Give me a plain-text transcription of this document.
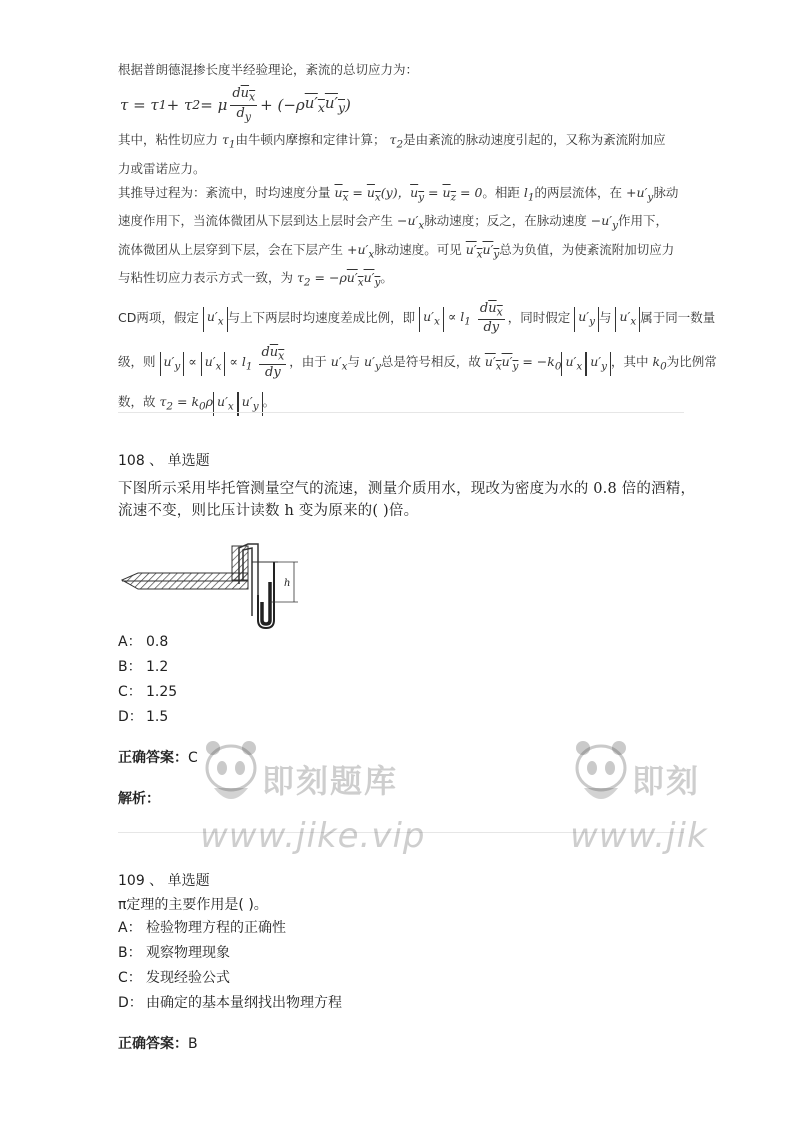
根据普朗德混掺长度半经验理论，紊流的总切应力为：
τ = τ 1 + τ 2 = μ $\frac{du_x}{d_y} + (-\rho$ $u'_xu'_y$ )
其中，粘性切应力 $\tau_1$由牛顿内摩擦和定律计算； $\tau_2$是由紊流的脉动速度引起的，又称为紊流附加应
力或雷诺应力。
其推导过程为：紊流中，时均速度分量 $u_x = u_x(y)$，$u_y = u_z = 0$。相距 $l_1$的两层流体，在 $+u'_y$脉动
速度作用下，当流体微团从下层到达上层时会产生 $-u'_x$脉动速度；反之，在脉动速度 $-u'_y$作用下，
流体微团从上层穿到下层，会在下层产生 $+u'_x$脉动速度。可见 $u'_xu'_y$总为负值，为使紊流附加切应力
与粘性切应力表示方式一致，为 $\tau_2 = -\rho u'_xu'_y$。
CD两项，假定 $u'_x$ 与上下两层时均速度差成比例，即 $u'_x \propto l_1 \frac{du_x}{dy}$ ，同时假定 $u'_y$ 与 $u'_x$ 属于同一数量
级，则 $u'_y \propto u'_x \propto l_1 \frac{du_x}{dy}$ ，由于 $u'_x$与 $u'_y$总是符号相反，故 $u'_xu'_y = -k_0$ $u'_x$ $u'_y$ ，其中 $k_0$为比例常
数，故 $\tau_2 = k_0\rho$ $u'_x$ $u'_y$ 。
108 、 单选题
下图所示采用毕托管测量空气的流速，测量介质用水，现改为密度为水的 0.8 倍的酒精，
流速不变，则比压计读数 h 变为原来的( )倍。
h
A： 0.8
B： 1.2
C： 1.25
D： 1.5
正确答案：C
解析：
109 、 单选题
π定理的主要作用是( )。
A： 检验物理方程的正确性
B： 观察物理现象
C： 发现经验公式
D： 由确定的基本量纲找出物理方程
正确答案：B
即刻题库
www.jike.vip
即刻
www.jik
